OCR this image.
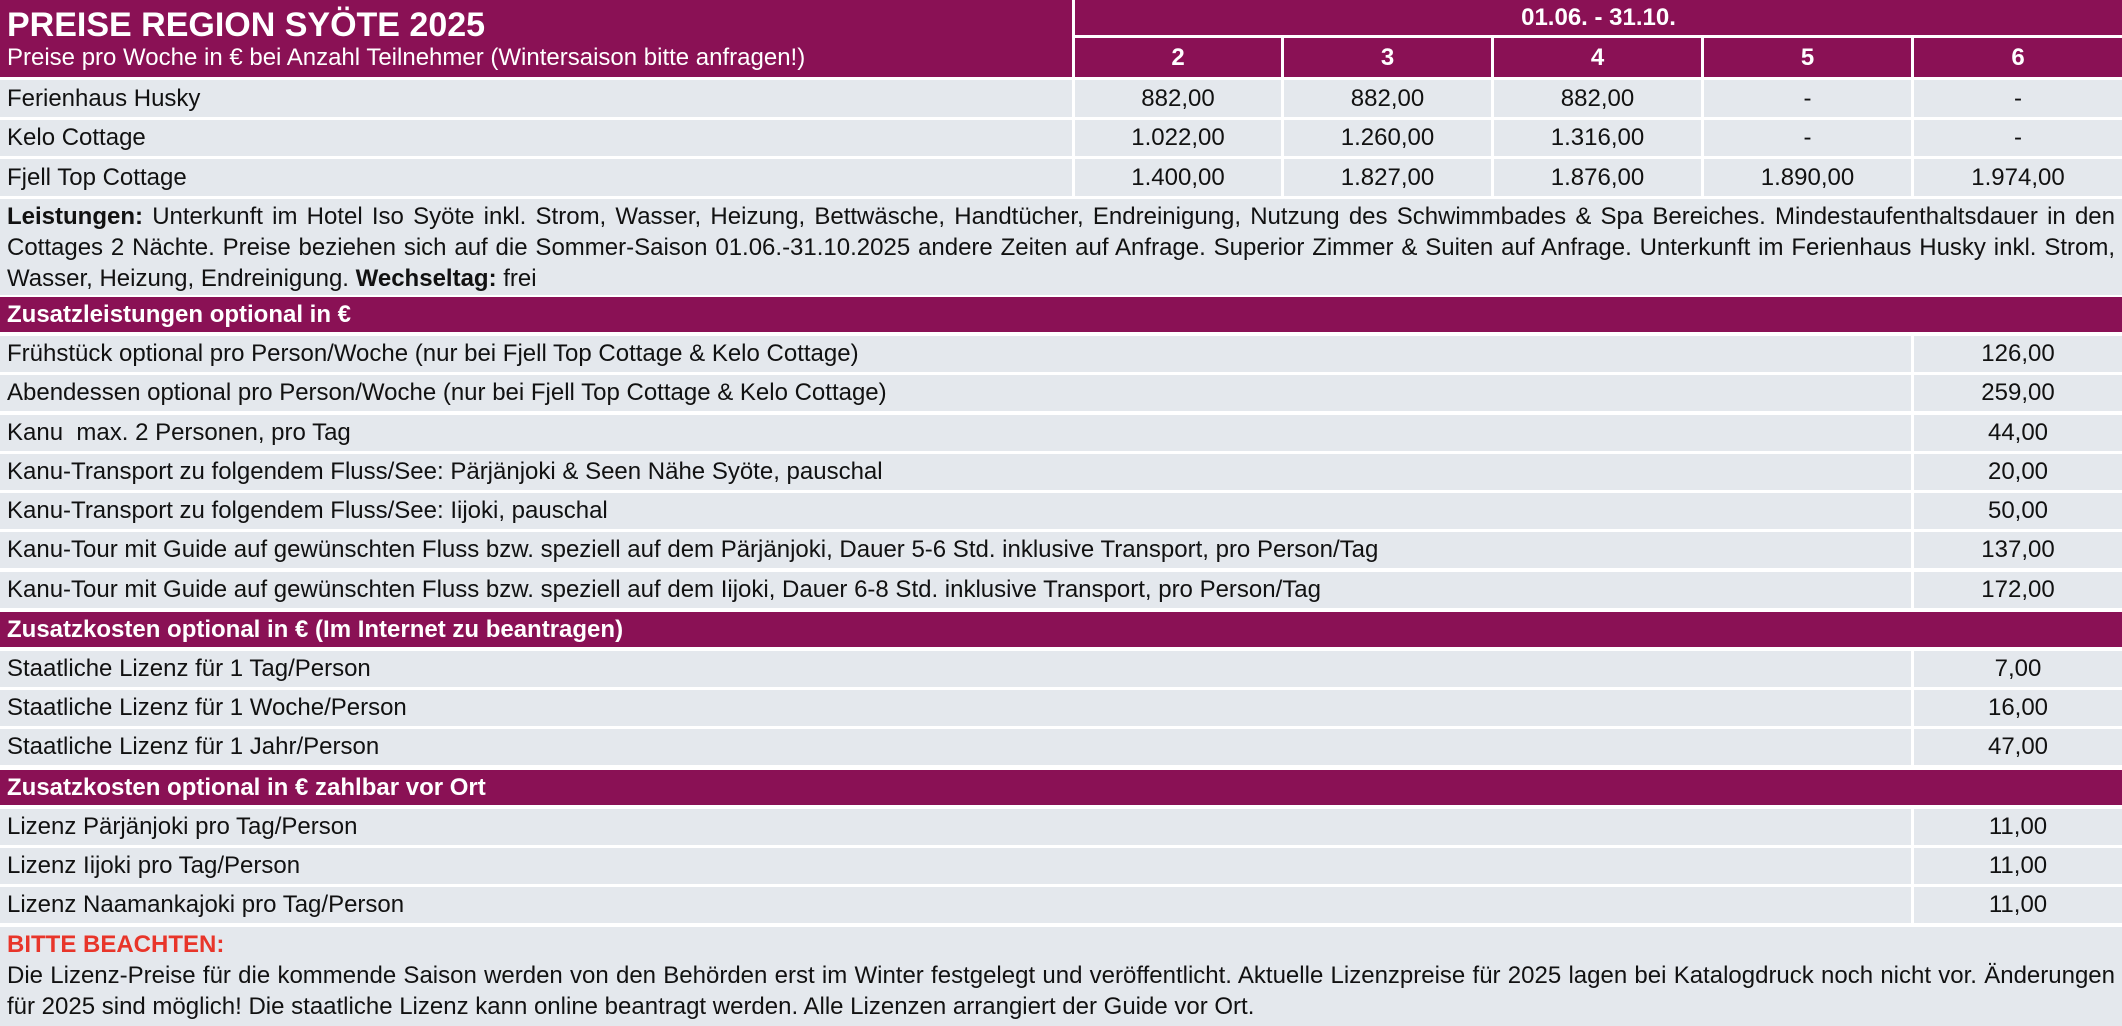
PREISE REGION SYÖTE 2025
Preise pro Woche in € bei Anzahl Teilnehmer (Wintersaison bitte anfragen!)
01.06. - 31.10.
2	3	4	5	6
Ferienhaus Husky	882,00	882,00	882,00	-	-
Kelo Cottage	1.022,00	1.260,00	1.316,00	-	-
Fjell Top Cottage	1.400,00	1.827,00	1.876,00	1.890,00	1.974,00
Leistungen: Unterkunft im Hotel Iso Syöte inkl. Strom, Wasser, Heizung, Bettwäsche, Handtücher, Endreinigung, Nutzung des Schwimmbades & Spa Bereiches. Mindestaufenthaltsdauer in den Cottages 2 Nächte. Preise beziehen sich auf die Sommer-Saison 01.06.-31.10.2025 andere Zeiten auf Anfrage. Superior Zimmer & Suiten auf Anfrage. Unterkunft im Ferienhaus Husky inkl. Strom, Wasser, Heizung, Endreinigung. Wechseltag: frei
Zusatzleistungen optional in €
Frühstück optional pro Person/Woche (nur bei Fjell Top Cottage & Kelo Cottage)	126,00
Abendessen optional pro Person/Woche (nur bei Fjell Top Cottage & Kelo Cottage)	259,00
Kanu  max. 2 Personen, pro Tag	44,00
Kanu-Transport zu folgendem Fluss/See: Pärjänjoki & Seen Nähe Syöte, pauschal	20,00
Kanu-Transport zu folgendem Fluss/See: Iijoki, pauschal	50,00
Kanu-Tour mit Guide auf gewünschten Fluss bzw. speziell auf dem Pärjänjoki, Dauer 5-6 Std. inklusive Transport, pro Person/Tag	137,00
Kanu-Tour mit Guide auf gewünschten Fluss bzw. speziell auf dem Iijoki, Dauer 6-8 Std. inklusive Transport, pro Person/Tag	172,00
Zusatzkosten optional in € (Im Internet zu beantragen)
Staatliche Lizenz für 1 Tag/Person	7,00
Staatliche Lizenz für 1 Woche/Person	16,00
Staatliche Lizenz für 1 Jahr/Person	47,00
Zusatzkosten optional in € zahlbar vor Ort
Lizenz Pärjänjoki pro Tag/Person	11,00
Lizenz Iijoki pro Tag/Person	11,00
Lizenz Naamankajoki pro Tag/Person	11,00
BITTE BEACHTEN:
Die Lizenz-Preise für die kommende Saison werden von den Behörden erst im Winter festgelegt und veröffentlicht. Aktuelle Lizenzpreise für 2025 lagen bei Katalogdruck noch nicht vor. Änderungen für 2025 sind möglich! Die staatliche Lizenz kann online beantragt werden. Alle Lizenzen arrangiert der Guide vor Ort.
